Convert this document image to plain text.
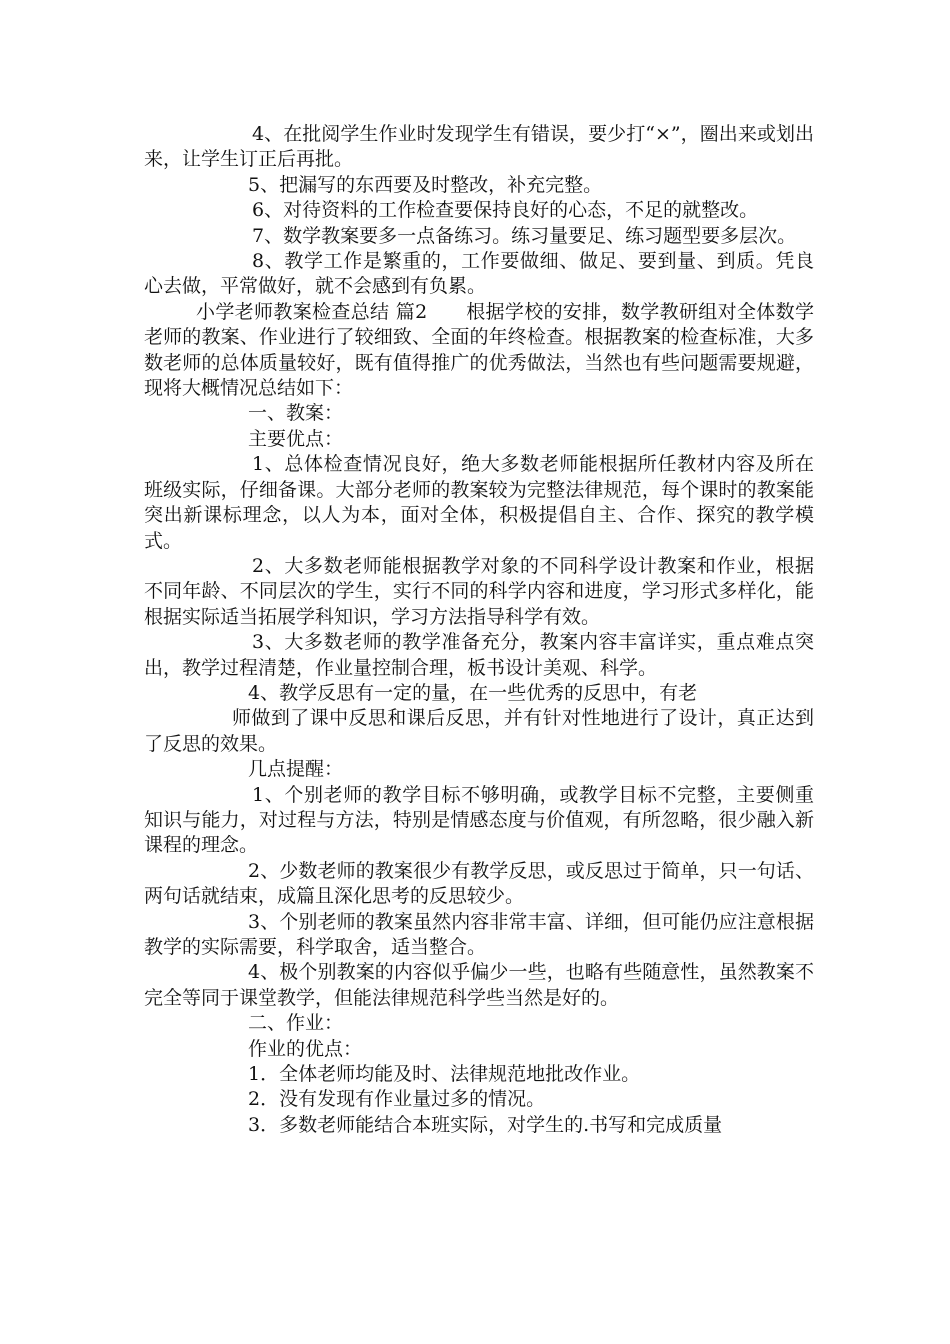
4、在批阅学生作业时发现学生有错误，要少打“×”，圈出来或划出来，让学生订正后再批。

5、把漏写的东西要及时整改，补充完整。

6、对待资料的工作检查要保持良好的心态，不足的就整改。

7、数学教案要多一点备练习。练习量要足、练习题型要多层次。

8、教学工作是繁重的，工作要做细、做足、要到量、到质。凭良心去做，平常做好，就不会感到有负累。

小学老师教案检查总结 篇2　　根据学校的安排，数学教研组对全体数学老师的教案、作业进行了较细致、全面的年终检查。根据教案的检查标准，大多数老师的总体质量较好，既有值得推广的优秀做法，当然也有些问题需要规避，现将大概情况总结如下：

一、教案：

主要优点：

1、总体检查情况良好，绝大多数老师能根据所任教材内容及所在班级实际，仔细备课。大部分老师的教案较为完整法律规范，每个课时的教案能突出新课标理念，以人为本，面对全体，积极提倡自主、合作、探究的教学模式。

2、大多数老师能根据教学对象的不同科学设计教案和作业，根据不同年龄、不同层次的学生，实行不同的科学内容和进度，学习形式多样化，能根据实际适当拓展学科知识，学习方法指导科学有效。

3、大多数老师的教学准备充分，教案内容丰富详实，重点难点突出，教学过程清楚，作业量控制合理，板书设计美观、科学。

4、教学反思有一定的量，在一些优秀的反思中，有老

师做到了课中反思和课后反思，并有针对性地进行了设计，真正达到了反思的效果。

几点提醒：

1、个别老师的教学目标不够明确，或教学目标不完整，主要侧重知识与能力，对过程与方法，特别是情感态度与价值观，有所忽略，很少融入新课程的理念。

2、少数老师的教案很少有教学反思，或反思过于简单，只一句话、两句话就结束，成篇且深化思考的反思较少。

3、个别老师的教案虽然内容非常丰富、详细，但可能仍应注意根据教学的实际需要，科学取舍，适当整合。

4、极个别教案的内容似乎偏少一些，也略有些随意性，虽然教案不完全等同于课堂教学，但能法律规范科学些当然是好的。

二、作业：

作业的优点：

1．全体老师均能及时、法律规范地批改作业。

2．没有发现有作业量过多的情况。

3．多数老师能结合本班实际，对学生的.书写和完成质量
